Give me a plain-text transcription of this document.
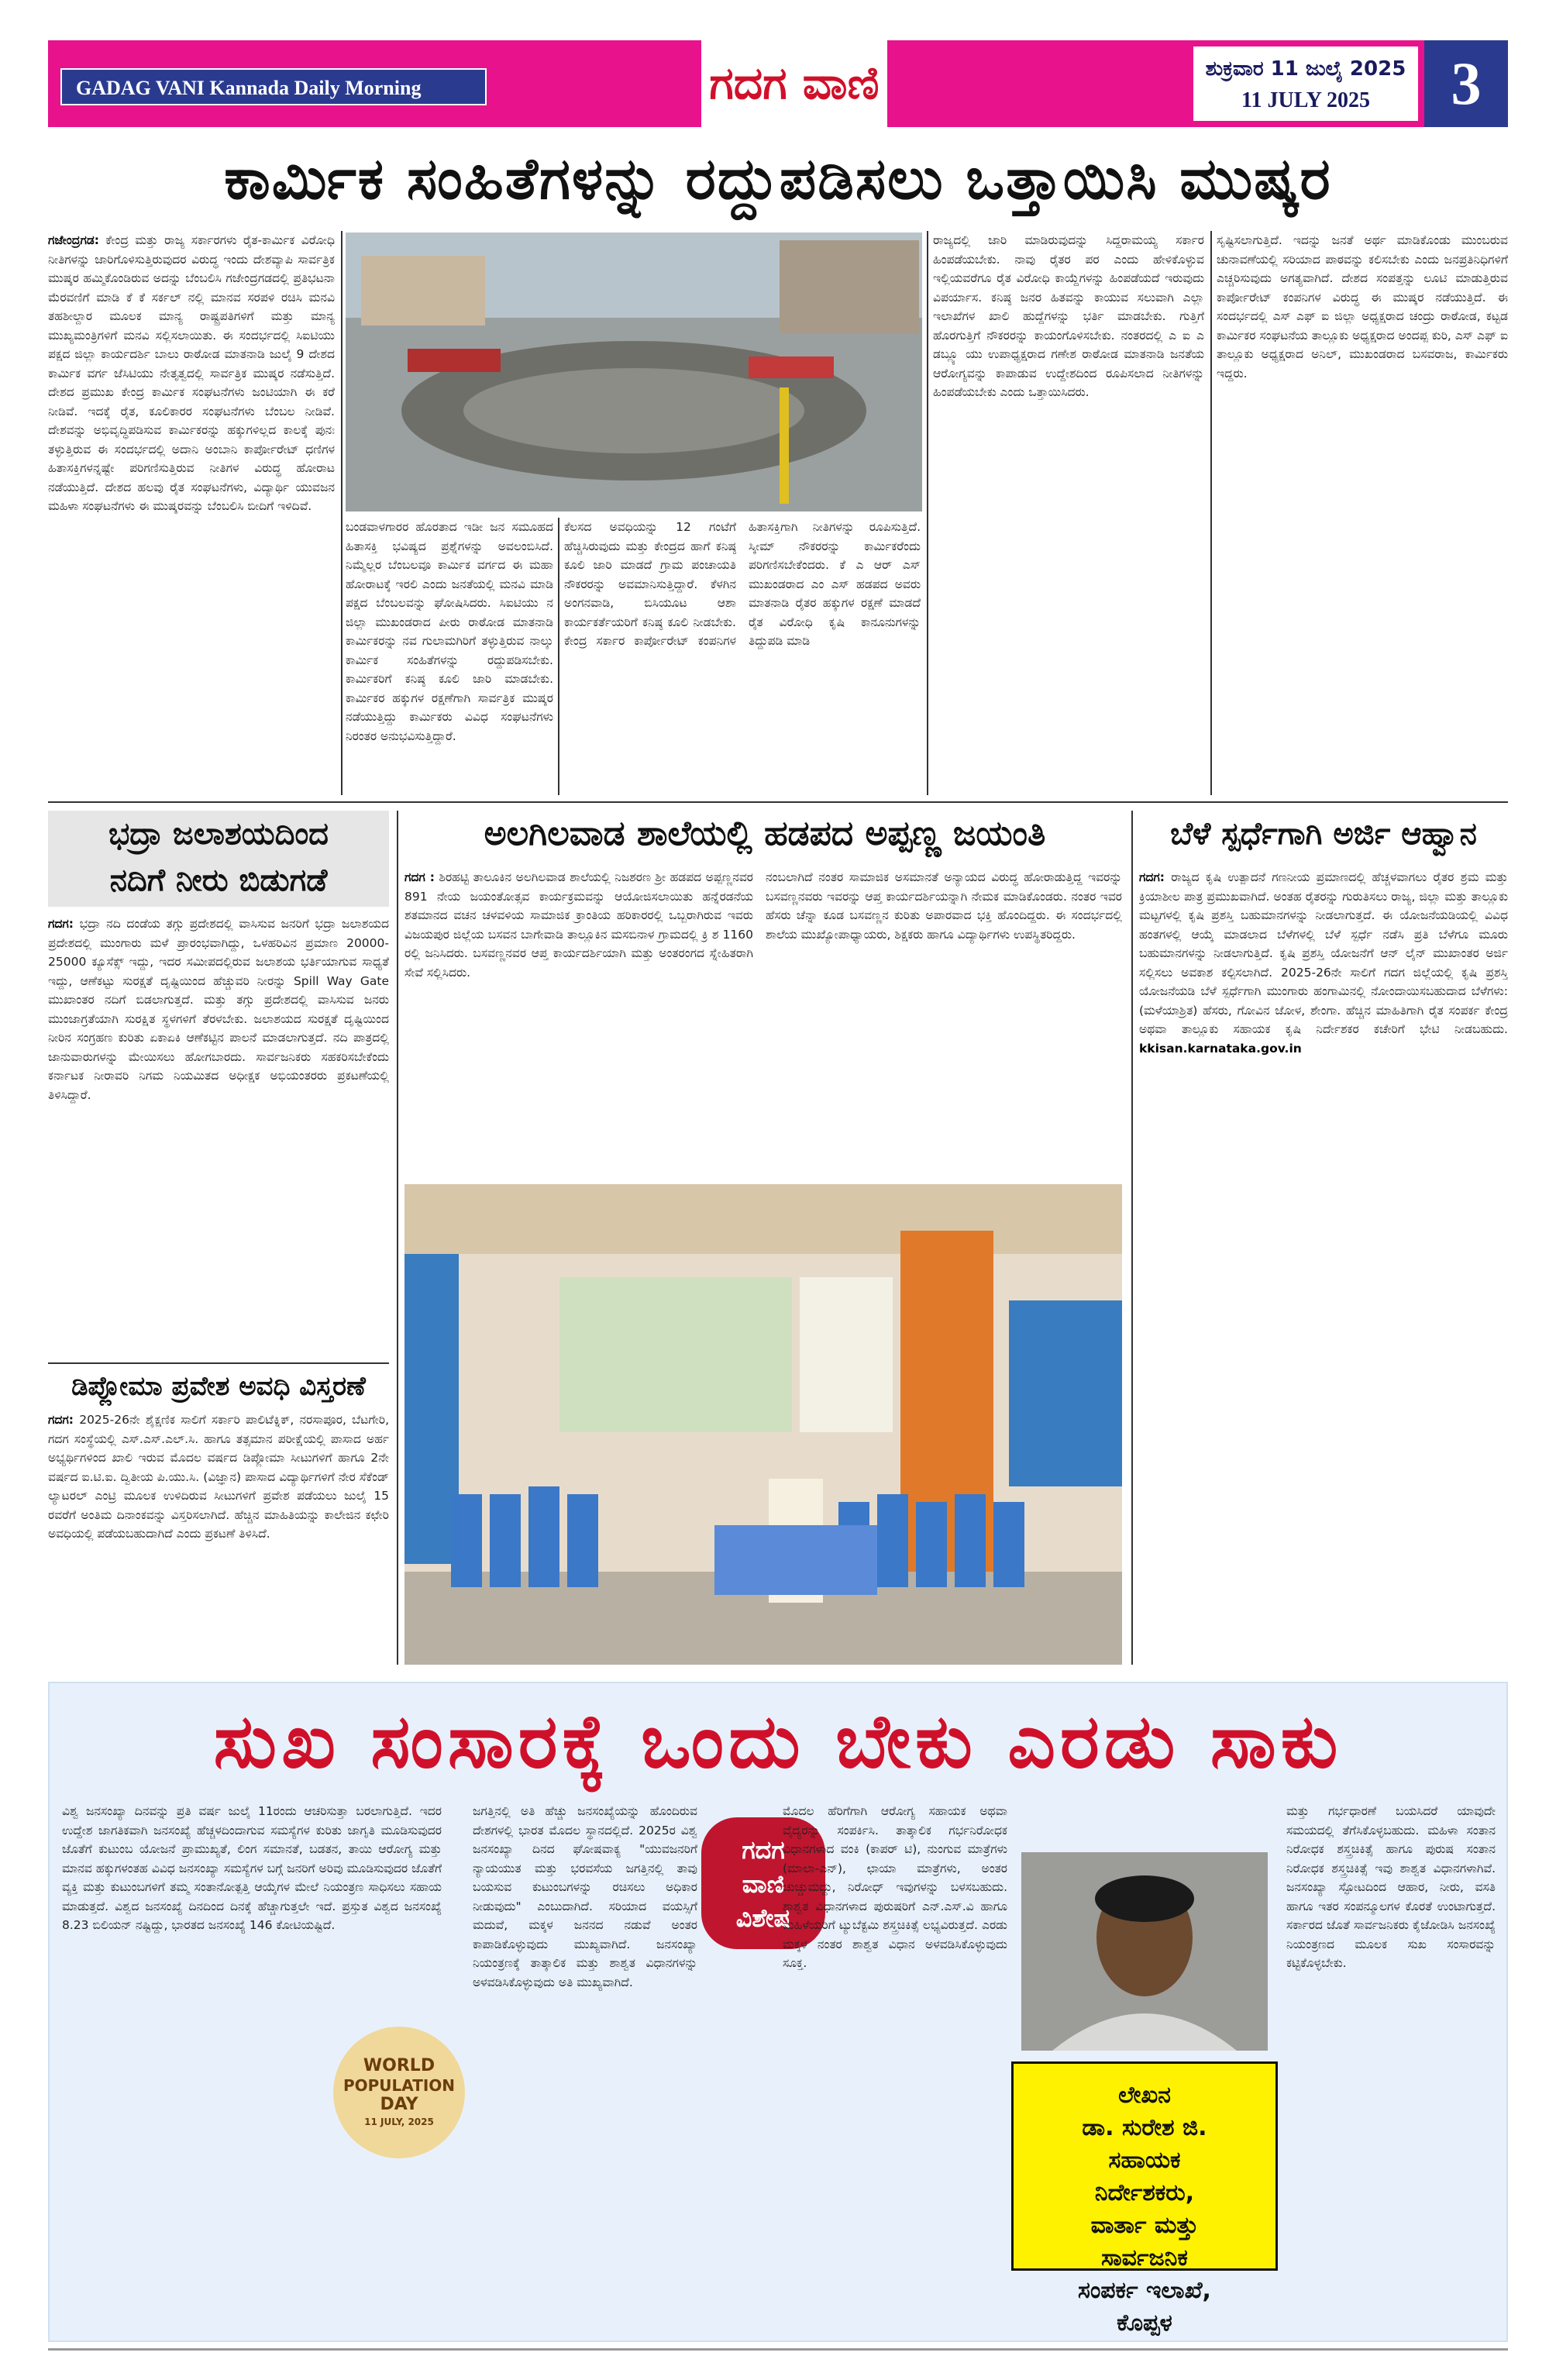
GADAG VANI Kannada Daily Morning	ಗದಗ ವಾಣಿ	ಶುಕ್ರವಾರ 11 ಜುಲೈ 2025
11 JULY 2025	3
ಕಾರ್ಮಿಕ ಸಂಹಿತೆಗಳನ್ನು ರದ್ದುಪಡಿಸಲು ಒತ್ತಾಯಿಸಿ ಮುಷ್ಕರ
ಗಜೇಂದ್ರಗಡ: ಕೇಂದ್ರ ಮತ್ತು ರಾಜ್ಯ ಸರ್ಕಾರಗಳು ರೈತ-ಕಾರ್ಮಿಕ ವಿರೋಧಿ ನೀತಿಗಳನ್ನು ಜಾರಿಗೊಳಿಸುತ್ತಿರುವುದರ ವಿರುದ್ಧ ಇಂದು ದೇಶವ್ಯಾಪಿ ಸಾರ್ವತ್ರಿಕ ಮುಷ್ಕರ ಹಮ್ಮಿಕೊಂಡಿರುವ ಅದನ್ನು ಬೆಂಬಲಿಸಿ ಗಜೇಂದ್ರಗಡದಲ್ಲಿ ಪ್ರತಿಭಟನಾ ಮೆರವಣಿಗೆ ಮಾಡಿ ಕೆ ಕೆ ಸರ್ಕಲ್ ನಲ್ಲಿ ಮಾನವ ಸರಪಳಿ ರಚಿಸಿ ಮನವಿ ತಹಶೀಲ್ದಾರ ಮೂಲಕ ಮಾನ್ಯ ರಾಷ್ಟ್ರಪತಿಗಳಿಗೆ ಮತ್ತು ಮಾನ್ಯ ಮುಖ್ಯಮಂತ್ರಿಗಳಿಗೆ ಮನವಿ ಸಲ್ಲಿಸಲಾಯಿತು. ಈ ಸಂದರ್ಭದಲ್ಲಿ ಸಿಐಟಿಯು ಪಕ್ಷದ ಜಿಲ್ಲಾ ಕಾರ್ಯದರ್ಶಿ ಬಾಲು ರಾಠೋಡ ಮಾತನಾಡಿ ಜುಲೈ 9 ದೇಶದ ಕಾರ್ಮಿಕ ವರ್ಗ ಜೆಸಿಟಿಯು ನೇತೃತ್ವದಲ್ಲಿ ಸಾರ್ವತ್ರಿಕ ಮುಷ್ಕರ ನಡೆಸುತ್ತಿದೆ. ದೇಶದ ಪ್ರಮುಖ ಕೇಂದ್ರ ಕಾರ್ಮಿಕ ಸಂಘಟನೆಗಳು ಜಂಟಿಯಾಗಿ ಈ ಕರೆ ನೀಡಿವೆ. ಇದಕ್ಕೆ ರೈತ, ಕೂಲಿಕಾರರ ಸಂಘಟನೆಗಳು ಬೆಂಬಲ ನೀಡಿವೆ. ದೇಶವನ್ನು ಅಭಿವೃದ್ಧಿಪಡಿಸುವ ಕಾರ್ಮಿಕರನ್ನು ಹಕ್ಕುಗಳಿಲ್ಲದ ಕಾಲಕ್ಕೆ ಪುನಃ ತಳ್ಳುತ್ತಿರುವ ಈ ಸಂದರ್ಭದಲ್ಲಿ ಅದಾನಿ ಅಂಬಾನಿ ಕಾರ್ಪೋರೇಟ್ ಧಣಿಗಳ ಹಿತಾಸಕ್ತಿಗಳನ್ನಷ್ಟೇ ಪರಿಗಣಿಸುತ್ತಿರುವ ನೀತಿಗಳ ವಿರುದ್ಧ ಹೋರಾಟ ನಡೆಯುತ್ತಿದೆ. ದೇಶದ ಹಲವು ರೈತ ಸಂಘಟನೆಗಳು, ವಿದ್ಯಾರ್ಥಿ ಯುವಜನ ಮಹಿಳಾ ಸಂಘಟನೆಗಳು ಈ ಮುಷ್ಕರವನ್ನು ಬೆಂಬಲಿಸಿ ಬೀದಿಗೆ ಇಳಿದಿವೆ.
ಬಂಡವಾಳಗಾರರ ಹೊರತಾದ ಇಡೀ ಜನ ಸಮೂಹದ ಹಿತಾಸಕ್ತಿ ಭವಿಷ್ಯದ ಪ್ರಶ್ನೆಗಳನ್ನು ಅವಲಂಬಿಸಿದೆ. ನಿಮ್ಮೆಲ್ಲರ ಬೆಂಬಲವೂ ಕಾರ್ಮಿಕ ವರ್ಗದ ಈ ಮಹಾ ಹೋರಾಟಕ್ಕೆ ಇರಲಿ ಎಂದು ಜನತೆಯಲ್ಲಿ ಮನವಿ ಮಾಡಿ ಪಕ್ಷದ ಬೆಂಬಲವನ್ನು ಘೋಷಿಸಿದರು. ಸಿಐಟಿಯು ನ ಜಿಲ್ಲಾ ಮುಖಂಡರಾದ ಪೀರು ರಾಠೋಡ ಮಾತನಾಡಿ ಕಾರ್ಮಿಕರನ್ನು ನವ ಗುಲಾಮಗಿರಿಗೆ ತಳ್ಳುತ್ತಿರುವ ನಾಲ್ಕು ಕಾರ್ಮಿಕ ಸಂಹಿತೆಗಳನ್ನು ರದ್ದುಪಡಿಸಬೇಕು. ಕಾರ್ಮಿಕರಿಗೆ ಕನಿಷ್ಠ ಕೂಲಿ ಜಾರಿ ಮಾಡಬೇಕು. ಕಾರ್ಮಿಕರ ಹಕ್ಕುಗಳ ರಕ್ಷಣೆಗಾಗಿ ಸಾರ್ವತ್ರಿಕ ಮುಷ್ಕರ ನಡೆಯುತ್ತಿದ್ದು ಕಾರ್ಮಿಕರು ವಿವಿಧ ಸಂಘಟನೆಗಳು ನಿರಂತರ ಅನುಭವಿಸುತ್ತಿದ್ದಾರೆ.
ಕೆಲಸದ ಅವಧಿಯನ್ನು 12 ಗಂಟೆಗೆ ಹೆಚ್ಚಿಸಿರುವುದು ಮತ್ತು ಕೇಂದ್ರದ ಹಾಗೆ ಕನಿಷ್ಠ ಕೂಲಿ ಜಾರಿ ಮಾಡದೆ ಗ್ರಾಮ ಪಂಚಾಯತಿ ನೌಕರರನ್ನು ಅವಮಾನಿಸುತ್ತಿದ್ದಾರೆ. ಕೆಳಗಿನ ಅಂಗನವಾಡಿ, ಬಿಸಿಯೂಟ ಆಶಾ ಕಾರ್ಯಕರ್ತೆಯರಿಗೆ ಕನಿಷ್ಠ ಕೂಲಿ ನೀಡಬೇಕು. ಕೇಂದ್ರ ಸರ್ಕಾರ ಕಾರ್ಪೋರೇಟ್ ಕಂಪನಿಗಳ ಹಿತಾಸಕ್ತಿಗಾಗಿ ನೀತಿಗಳನ್ನು ರೂಪಿಸುತ್ತಿದೆ. ಸ್ಕೀಮ್ ನೌಕರರನ್ನು ಕಾರ್ಮಿಕರೆಂದು ಪರಿಗಣಿಸಬೇಕೆಂದರು. ಕೆ ಎ ಆರ್ ಎಸ್ ಮುಖಂಡರಾದ ಎಂ ಎಸ್ ಹಡಪದ ಅವರು ಮಾತನಾಡಿ ರೈತರ ಹಕ್ಕುಗಳ ರಕ್ಷಣೆ ಮಾಡದೆ ರೈತ ವಿರೋಧಿ ಕೃಷಿ ಕಾನೂನುಗಳನ್ನು ತಿದ್ದುಪಡಿ ಮಾಡಿ
ರಾಜ್ಯದಲ್ಲಿ ಜಾರಿ ಮಾಡಿರುವುದನ್ನು ಸಿದ್ದರಾಮಯ್ಯ ಸರ್ಕಾರ ಹಿಂಪಡೆಯಬೇಕು. ನಾವು ರೈತರ ಪರ ಎಂದು ಹೇಳಿಕೊಳ್ಳುವ ಇಲ್ಲಿಯವರೆಗೂ ರೈತ ವಿರೋಧಿ ಕಾಯ್ದೆಗಳನ್ನು ಹಿಂಪಡೆಯದೆ ಇರುವುದು ವಿಪರ್ಯಾಸ. ಕನಿಷ್ಠ ಜನರ ಹಿತವನ್ನು ಕಾಯುವ ಸಲುವಾಗಿ ಎಲ್ಲಾ ಇಲಾಖೆಗಳ ಖಾಲಿ ಹುದ್ದೆಗಳನ್ನು ಭರ್ತಿ ಮಾಡಬೇಕು. ಗುತ್ತಿಗೆ ಹೊರಗುತ್ತಿಗೆ ನೌಕರರನ್ನು ಕಾಯಂಗೊಳಿಸಬೇಕು. ನಂತರದಲ್ಲಿ ಎ ಐ ಎ ಡಬ್ಲ್ಯೂ ಯು ಉಪಾಧ್ಯಕ್ಷರಾದ ಗಣೇಶ ರಾಠೋಡ ಮಾತನಾಡಿ ಜನತೆಯ ಆರೋಗ್ಯವನ್ನು ಕಾಪಾಡುವ ಉದ್ದೇಶದಿಂದ ರೂಪಿಸಲಾದ ನೀತಿಗಳನ್ನು ಹಿಂಪಡೆಯಬೇಕು ಎಂದು ಒತ್ತಾಯಿಸಿದರು.
ಸೃಷ್ಟಿಸಲಾಗುತ್ತಿದೆ. ಇದನ್ನು ಜನತೆ ಅರ್ಥ ಮಾಡಿಕೊಂಡು ಮುಂಬರುವ ಚುನಾವಣೆಯಲ್ಲಿ ಸರಿಯಾದ ಪಾಠವನ್ನು ಕಲಿಸಬೇಕು ಎಂದು ಜನಪ್ರತಿನಿಧಿಗಳಿಗೆ ಎಚ್ಚರಿಸುವುದು ಅಗತ್ಯವಾಗಿದೆ. ದೇಶದ ಸಂಪತ್ತನ್ನು ಲೂಟಿ ಮಾಡುತ್ತಿರುವ ಕಾರ್ಪೋರೇಟ್ ಕಂಪನಿಗಳ ವಿರುದ್ಧ ಈ ಮುಷ್ಕರ ನಡೆಯುತ್ತಿದೆ. ಈ ಸಂದರ್ಭದಲ್ಲಿ ಎಸ್ ಎಫ್ ಐ ಜಿಲ್ಲಾ ಅಧ್ಯಕ್ಷರಾದ ಚಂದ್ರು ರಾಠೋಡ, ಕಟ್ಟಡ ಕಾರ್ಮಿಕರ ಸಂಘಟನೆಯ ತಾಲ್ಲೂಕು ಅಧ್ಯಕ್ಷರಾದ ಅಂದಪ್ಪ ಕುರಿ, ಎಸ್ ಎಫ್ ಐ ತಾಲ್ಲೂಕು ಅಧ್ಯಕ್ಷರಾದ ಅನಿಲ್, ಮುಖಂಡರಾದ ಬಸವರಾಜ, ಕಾರ್ಮಿಕರು ಇದ್ದರು.
ಭದ್ರಾ ಜಲಾಶಯದಿಂದ
ನದಿಗೆ ನೀರು ಬಿಡುಗಡೆ
ಗದಗ: ಭದ್ರಾ ನದಿ ದಂಡೆಯ ತಗ್ಗು ಪ್ರದೇಶದಲ್ಲಿ ವಾಸಿಸುವ ಜನರಿಗೆ ಭದ್ರಾ ಜಲಾಶಯದ ಪ್ರದೇಶದಲ್ಲಿ ಮುಂಗಾರು ಮಳೆ ಪ್ರಾರಂಭವಾಗಿದ್ದು, ಒಳಹರಿವಿನ ಪ್ರಮಾಣ 20000-25000 ಕ್ಯೂಸೆಕ್ಸ್ ಇದ್ದು, ಇದರ ಸಮೀಪದಲ್ಲಿರುವ ಜಲಾಶಯ ಭರ್ತಿಯಾಗುವ ಸಾಧ್ಯತೆ ಇದ್ದು, ಆಣೆಕಟ್ಟು ಸುರಕ್ಷತೆ ದೃಷ್ಟಿಯಿಂದ ಹೆಚ್ಚುವರಿ ನೀರನ್ನು Spill Way Gate ಮುಖಾಂತರ ನದಿಗೆ ಬಿಡಲಾಗುತ್ತದೆ. ಮತ್ತು ತಗ್ಗು ಪ್ರದೇಶದಲ್ಲಿ ವಾಸಿಸುವ ಜನರು ಮುಂಜಾಗ್ರತೆಯಾಗಿ ಸುರಕ್ಷಿತ ಸ್ಥಳಗಳಿಗೆ ತೆರಳಬೇಕು. ಜಲಾಶಯದ ಸುರಕ್ಷತೆ ದೃಷ್ಟಿಯಿಂದ ನೀರಿನ ಸಂಗ್ರಹಣ ಕುರಿತು ಏಕಾಏಕಿ ಆಣೆಕಟ್ಟಿನ ಪಾಲನೆ ಮಾಡಲಾಗುತ್ತದೆ. ನದಿ ಪಾತ್ರದಲ್ಲಿ ಜಾನುವಾರುಗಳನ್ನು ಮೇಯಿಸಲು ಹೋಗಬಾರದು. ಸಾರ್ವಜನಿಕರು ಸಹಕರಿಸಬೇಕೆಂದು ಕರ್ನಾಟಕ ನೀರಾವರಿ ನಿಗಮ ನಿಯಮಿತದ ಅಧೀಕ್ಷಕ ಅಭಿಯಂತರರು ಪ್ರಕಟಣೆಯಲ್ಲಿ ತಿಳಿಸಿದ್ದಾರೆ.
ಡಿಪ್ಲೋಮಾ ಪ್ರವೇಶ ಅವಧಿ ವಿಸ್ತರಣೆ
ಗದಗ: 2025-26ನೇ ಶೈಕ್ಷಣಿಕ ಸಾಲಿಗೆ ಸರ್ಕಾರಿ ಪಾಲಿಟೆಕ್ನಿಕ್, ನರಸಾಪೂರ, ಬೆಟಗೇರಿ, ಗದಗ ಸಂಸ್ಥೆಯಲ್ಲಿ ಎಸ್.ಎಸ್.ಎಲ್.ಸಿ. ಹಾಗೂ ತತ್ಸಮಾನ ಪರೀಕ್ಷೆಯಲ್ಲಿ ಪಾಸಾದ ಅರ್ಹ ಅಭ್ಯರ್ಥಿಗಳಿಂದ ಖಾಲಿ ಇರುವ ಮೊದಲ ವರ್ಷದ ಡಿಪ್ಲೋಮಾ ಸೀಟುಗಳಿಗೆ ಹಾಗೂ 2ನೇ ವರ್ಷದ ಐ.ಟಿ.ಐ. ದ್ವಿತೀಯ ಪಿ.ಯು.ಸಿ. (ವಿಜ್ಞಾನ) ಪಾಸಾದ ವಿದ್ಯಾರ್ಥಿಗಳಿಗೆ ನೇರ ಸೆಕೆಂಡ್ ಲ್ಯಾಟರಲ್ ಎಂಟ್ರಿ ಮೂಲಕ ಉಳಿದಿರುವ ಸೀಟುಗಳಿಗೆ ಪ್ರವೇಶ ಪಡೆಯಲು ಜುಲೈ 15 ರವರೆಗೆ ಅಂತಿಮ ದಿನಾಂಕವನ್ನು ವಿಸ್ತರಿಸಲಾಗಿದೆ. ಹೆಚ್ಚಿನ ಮಾಹಿತಿಯನ್ನು ಕಾಲೇಜಿನ ಕಛೇರಿ ಅವಧಿಯಲ್ಲಿ ಪಡೆಯಬಹುದಾಗಿದೆ ಎಂದು ಪ್ರಕಟಣೆ ತಿಳಿಸಿದೆ.
ಅಲಗಿಲವಾಡ ಶಾಲೆಯಲ್ಲಿ ಹಡಪದ ಅಪ್ಪಣ್ಣ ಜಯಂತಿ
ಗದಗ : ಶಿರಹಟ್ಟಿ ತಾಲೂಕಿನ ಅಲಗಿಲವಾಡ ಶಾಲೆಯಲ್ಲಿ ನಿಜಶರಣ ಶ್ರೀ ಹಡಪದ ಅಪ್ಪಣ್ಣನವರ 891 ನೇಯ ಜಯಂತೋತ್ಸವ ಕಾರ್ಯಕ್ರಮವನ್ನು ಆಯೋಜಿಸಲಾಯಿತು ಹನ್ನೆರಡನೆಯ ಶತಮಾನದ ವಚನ ಚಳವಳಿಯ ಸಾಮಾಜಿಕ ಕ್ರಾಂತಿಯ ಹರಿಕಾರರಲ್ಲಿ ಒಬ್ಬರಾಗಿರುವ ಇವರು ವಿಜಯಪುರ ಜಿಲ್ಲೆಯ ಬಸವನ ಬಾಗೇವಾಡಿ ತಾಲ್ಲೂಕಿನ ಮಸಬಿನಾಳ ಗ್ರಾಮದಲ್ಲಿ ಕ್ರಿ ಶ 1160 ರಲ್ಲಿ ಜನಿಸಿದರು. ಬಸವಣ್ಣನವರ ಆಪ್ತ ಕಾರ್ಯದರ್ಶಿಯಾಗಿ ಮತ್ತು ಅಂತರಂಗದ ಸ್ನೇಹಿತರಾಗಿ ಸೇವೆ ಸಲ್ಲಿಸಿದರು.
ನಂಬಲಾಗಿದೆ ನಂತರ ಸಾಮಾಜಿಕ ಅಸಮಾನತೆ ಅನ್ಯಾಯದ ವಿರುದ್ಧ ಹೋರಾಡುತ್ತಿದ್ದ ಇವರನ್ನು ಬಸವಣ್ಣನವರು ಇವರನ್ನು ಆಪ್ತ ಕಾರ್ಯದರ್ಶಿಯನ್ನಾಗಿ ನೇಮಕ ಮಾಡಿಕೊಂಡರು. ನಂತರ ಇವರ ಹೆಸರು ಚೆನ್ನಾ ಕೂಡ ಬಸವಣ್ಣನ ಕುರಿತು ಅಪಾರವಾದ ಭಕ್ತಿ ಹೊಂದಿದ್ದರು. ಈ ಸಂದರ್ಭದಲ್ಲಿ ಶಾಲೆಯ ಮುಖ್ಯೋಪಾಧ್ಯಾಯರು, ಶಿಕ್ಷಕರು ಹಾಗೂ ವಿದ್ಯಾರ್ಥಿಗಳು ಉಪಸ್ಥಿತರಿದ್ದರು.
ಬೆಳೆ ಸ್ಪರ್ಧೆಗಾಗಿ ಅರ್ಜಿ ಆಹ್ವಾನ
ಗದಗ: ರಾಜ್ಯದ ಕೃಷಿ ಉತ್ಪಾದನೆ ಗಣನೀಯ ಪ್ರಮಾಣದಲ್ಲಿ ಹೆಚ್ಚಳವಾಗಲು ರೈತರ ಶ್ರಮ ಮತ್ತು ಕ್ರಿಯಾಶೀಲ ಪಾತ್ರ ಪ್ರಮುಖವಾಗಿದೆ. ಅಂತಹ ರೈತರನ್ನು ಗುರುತಿಸಲು ರಾಜ್ಯ, ಜಿಲ್ಲಾ ಮತ್ತು ತಾಲ್ಲೂಕು ಮಟ್ಟಗಳಲ್ಲಿ ಕೃಷಿ ಪ್ರಶಸ್ತಿ ಬಹುಮಾನಗಳನ್ನು ನೀಡಲಾಗುತ್ತದೆ. ಈ ಯೋಜನೆಯಡಿಯಲ್ಲಿ ವಿವಿಧ ಹಂತಗಳಲ್ಲಿ ಆಯ್ಕೆ ಮಾಡಲಾದ ಬೆಳೆಗಳಲ್ಲಿ ಬೆಳೆ ಸ್ಪರ್ಧೆ ನಡೆಸಿ ಪ್ರತಿ ಬೆಳೆಗೂ ಮೂರು ಬಹುಮಾನಗಳನ್ನು ನೀಡಲಾಗುತ್ತಿದೆ. ಕೃಷಿ ಪ್ರಶಸ್ತಿ ಯೋಜನೆಗೆ ಆನ್ ಲೈನ್ ಮುಖಾಂತರ ಅರ್ಜಿ ಸಲ್ಲಿಸಲು ಅವಕಾಶ ಕಲ್ಪಿಸಲಾಗಿದೆ. 2025-26ನೇ ಸಾಲಿಗೆ ಗದಗ ಜಿಲ್ಲೆಯಲ್ಲಿ ಕೃಷಿ ಪ್ರಶಸ್ತಿ ಯೋಜನೆಯಡಿ ಬೆಳೆ ಸ್ಪರ್ಧೆಗಾಗಿ ಮುಂಗಾರು ಹಂಗಾಮಿನಲ್ಲಿ ನೋಂದಾಯಿಸಬಹುದಾದ ಬೆಳೆಗಳು: (ಮಳೆಯಾಶ್ರಿತ) ಹೆಸರು, ಗೋವಿನ ಜೋಳ, ಶೇಂಗಾ. ಹೆಚ್ಚಿನ ಮಾಹಿತಿಗಾಗಿ ರೈತ ಸಂಪರ್ಕ ಕೇಂದ್ರ ಅಥವಾ ತಾಲ್ಲೂಕು ಸಹಾಯಕ ಕೃಷಿ ನಿರ್ದೇಶಕರ ಕಚೇರಿಗೆ ಭೇಟಿ ನೀಡಬಹುದು. kkisan.karnataka.gov.in
ಸುಖ ಸಂಸಾರಕ್ಕೆ ಒಂದು ಬೇಕು ಎರಡು ಸಾಕು
ವಿಶ್ವ ಜನಸಂಖ್ಯಾ ದಿನವನ್ನು ಪ್ರತಿ ವರ್ಷ ಜುಲೈ 11ರಂದು ಆಚರಿಸುತ್ತಾ ಬರಲಾಗುತ್ತಿದೆ. ಇದರ ಉದ್ದೇಶ ಜಾಗತಿಕವಾಗಿ ಜನಸಂಖ್ಯೆ ಹೆಚ್ಚಳದಿಂದಾಗುವ ಸಮಸ್ಯೆಗಳ ಕುರಿತು ಜಾಗೃತಿ ಮೂಡಿಸುವುದರ ಜೊತೆಗೆ ಕುಟುಂಬ ಯೋಜನೆ ಪ್ರಾಮುಖ್ಯತೆ, ಲಿಂಗ ಸಮಾನತೆ, ಬಡತನ, ತಾಯಿ ಆರೋಗ್ಯ ಮತ್ತು ಮಾನವ ಹಕ್ಕುಗಳಂತಹ ವಿವಿಧ ಜನಸಂಖ್ಯಾ ಸಮಸ್ಯೆಗಳ ಬಗ್ಗೆ ಜನರಿಗೆ ಅರಿವು ಮೂಡಿಸುವುದರ ಜೊತೆಗೆ ವ್ಯಕ್ತಿ ಮತ್ತು ಕುಟುಂಬಗಳಿಗೆ ತಮ್ಮ ಸಂತಾನೋತ್ಪತ್ತಿ ಆಯ್ಕೆಗಳ ಮೇಲೆ ನಿಯಂತ್ರಣ ಸಾಧಿಸಲು ಸಹಾಯ ಮಾಡುತ್ತದೆ. ವಿಶ್ವದ ಜನಸಂಖ್ಯೆ ದಿನದಿಂದ ದಿನಕ್ಕೆ ಹೆಚ್ಚಾಗುತ್ತಲೇ ಇದೆ. ಪ್ರಸ್ತುತ ವಿಶ್ವದ ಜನಸಂಖ್ಯೆ 8.23 ಬಿಲಿಯನ್ ನಷ್ಟಿದ್ದು, ಭಾರತದ ಜನಸಂಖ್ಯೆ 146 ಕೋಟಿಯಷ್ಟಿದೆ.
WORLD
POPULATION
DAY
11 JULY, 2025
ಜಗತ್ತಿನಲ್ಲಿ ಅತಿ ಹೆಚ್ಚು ಜನಸಂಖ್ಯೆಯನ್ನು ಹೊಂದಿರುವ ದೇಶಗಳಲ್ಲಿ ಭಾರತ ಮೊದಲ ಸ್ಥಾನದಲ್ಲಿದೆ. 2025ರ ವಿಶ್ವ ಜನಸಂಖ್ಯಾ ದಿನದ ಘೋಷವಾಕ್ಯ "ಯುವಜನರಿಗೆ ನ್ಯಾಯಯುತ ಮತ್ತು ಭರವಸೆಯ ಜಗತ್ತಿನಲ್ಲಿ ತಾವು ಬಯಸುವ ಕುಟುಂಬಗಳನ್ನು ರಚಿಸಲು ಅಧಿಕಾರ ನೀಡುವುದು" ಎಂಬುದಾಗಿದೆ. ಸರಿಯಾದ ವಯಸ್ಸಿಗೆ ಮದುವೆ, ಮಕ್ಕಳ ಜನನದ ನಡುವೆ ಅಂತರ ಕಾಪಾಡಿಕೊಳ್ಳುವುದು ಮುಖ್ಯವಾಗಿದೆ. ಜನಸಂಖ್ಯಾ ನಿಯಂತ್ರಣಕ್ಕೆ ತಾತ್ಕಾಲಿಕ ಮತ್ತು ಶಾಶ್ವತ ವಿಧಾನಗಳನ್ನು ಅಳವಡಿಸಿಕೊಳ್ಳುವುದು ಅತಿ ಮುಖ್ಯವಾಗಿದೆ.
ಗದಗ
ವಾಣಿ
ವಿಶೇಷ
ಮೊದಲ ಹೆರಿಗೆಗಾಗಿ ಆರೋಗ್ಯ ಸಹಾಯಕ ಅಥವಾ ವೈದ್ಯರನ್ನು ಸಂಪರ್ಕಿಸಿ. ತಾತ್ಕಾಲಿಕ ಗರ್ಭನಿರೋಧಕ ವಿಧಾನಗಳಾದ ವಂಕಿ (ಕಾಪರ್ ಟಿ), ನುಂಗುವ ಮಾತ್ರೆಗಳು (ಮಾಲಾ-ಎನ್), ಛಾಯಾ ಮಾತ್ರೆಗಳು, ಅಂತರ ಚುಚ್ಚುಮದ್ದು, ನಿರೋಧ್ ಇವುಗಳನ್ನು ಬಳಸಬಹುದು. ಶಾಶ್ವತ ವಿಧಾನಗಳಾದ ಪುರುಷರಿಗೆ ಎನ್.ಎಸ್.ವಿ ಹಾಗೂ ಮಹಿಳೆಯರಿಗೆ ಟ್ಯುಬೆಕ್ಟಮಿ ಶಸ್ತ್ರಚಿಕಿತ್ಸೆ ಲಭ್ಯವಿರುತ್ತದೆ. ಎರಡು ಮಕ್ಕಳ ನಂತರ ಶಾಶ್ವತ ವಿಧಾನ ಅಳವಡಿಸಿಕೊಳ್ಳುವುದು ಸೂಕ್ತ.
ಲೇಖನ
ಡಾ. ಸುರೇಶ ಜಿ.
ಸಹಾಯಕ
ನಿರ್ದೇಶಕರು,
ವಾರ್ತಾ ಮತ್ತು
ಸಾರ್ವಜನಿಕ
ಸಂಪರ್ಕ ಇಲಾಖೆ,
ಕೊಪ್ಪಳ
ಮತ್ತು ಗರ್ಭಧಾರಣೆ ಬಯಸಿದರೆ ಯಾವುದೇ ಸಮಯದಲ್ಲಿ ತೆಗೆಸಿಕೊಳ್ಳಬಹುದು. ಮಹಿಳಾ ಸಂತಾನ ನಿರೋಧಕ ಶಸ್ತ್ರಚಿಕಿತ್ಸೆ ಹಾಗೂ ಪುರುಷ ಸಂತಾನ ನಿರೋಧಕ ಶಸ್ತ್ರಚಿಕಿತ್ಸೆ ಇವು ಶಾಶ್ವತ ವಿಧಾನಗಳಾಗಿವೆ. ಜನಸಂಖ್ಯಾ ಸ್ಫೋಟದಿಂದ ಆಹಾರ, ನೀರು, ವಸತಿ ಹಾಗೂ ಇತರ ಸಂಪನ್ಮೂಲಗಳ ಕೊರತೆ ಉಂಟಾಗುತ್ತದೆ. ಸರ್ಕಾರದ ಜೊತೆ ಸಾರ್ವಜನಿಕರು ಕೈಜೋಡಿಸಿ ಜನಸಂಖ್ಯೆ ನಿಯಂತ್ರಣದ ಮೂಲಕ ಸುಖ ಸಂಸಾರವನ್ನು ಕಟ್ಟಿಕೊಳ್ಳಬೇಕು.
